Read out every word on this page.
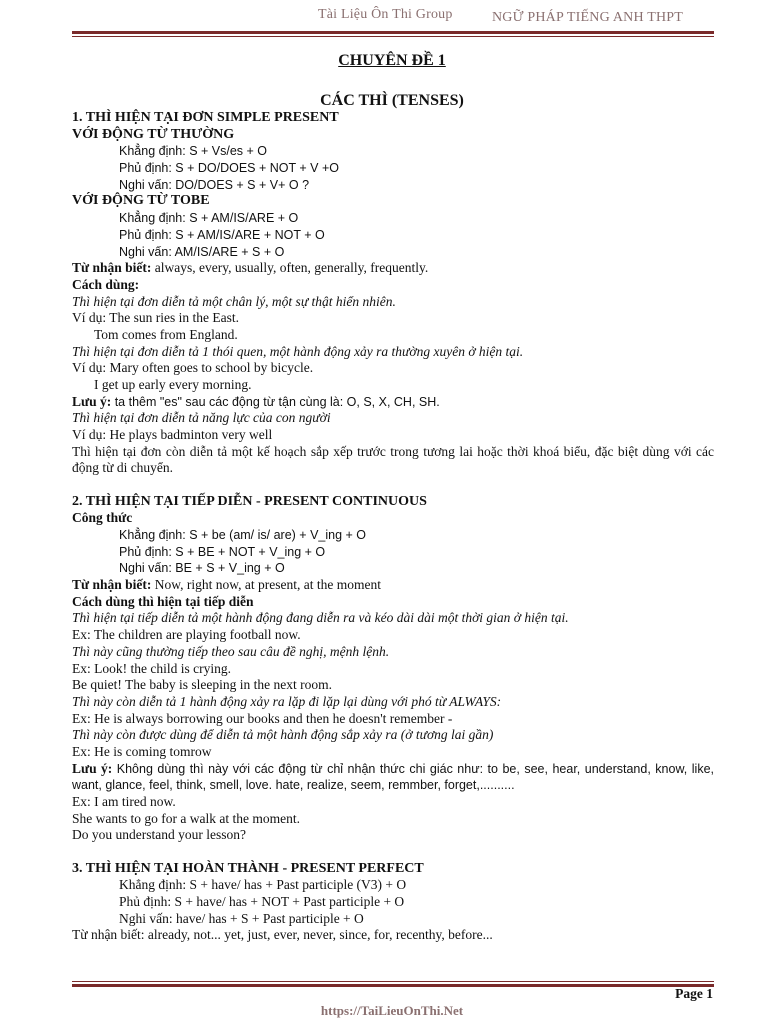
Tài Liệu Ôn Thi Group	NGỮ PHÁP TIẾNG ANH THPT
CHUYÊN ĐỀ 1
CÁC THÌ (TENSES)
1. THÌ HIỆN TẠI ĐƠN SIMPLE PRESENT
VỚI ĐỘNG TỪ THƯỜNG
Khẳng định: S + Vs/es + O
Phủ định: S + DO/DOES + NOT + V +O
Nghi vấn: DO/DOES + S + V+ O ?
VỚI ĐỘNG TỪ TOBE
Khẳng định: S + AM/IS/ARE + O
Phủ định: S + AM/IS/ARE + NOT + O
Nghi vấn: AM/IS/ARE + S + O
Từ nhận biết: always, every, usually, often, generally, frequently.
Cách dùng:
Thì hiện tại đơn diễn tả một chân lý, một sự thật hiển nhiên.
Ví dụ: The sun ries in the East.
Tom comes from England.
Thì hiện tại đơn diễn tả 1 thói quen, một hành động xảy ra thường xuyên ở hiện tại.
Ví dụ: Mary often goes to school by bicycle.
I get up early every morning.
Lưu ý: ta thêm "es" sau các động từ tận cùng là: O, S, X, CH, SH.
Thì hiện tại đơn diễn tả năng lực của con người
Ví dụ: He plays badminton very well
Thì hiện tại đơn còn diễn tả một kế hoạch sắp xếp trước trong tương lai hoặc thời khoá biểu, đặc biệt dùng với các động từ di chuyển.
2. THÌ HIỆN TẠI TIẾP DIỄN - PRESENT CONTINUOUS
Công thức
Khẳng định: S + be (am/ is/ are) + V_ing + O
Phủ định: S + BE + NOT + V_ing + O
Nghi vấn: BE + S + V_ing + O
Từ nhận biết: Now, right now, at present, at the moment
Cách dùng thì hiện tại tiếp diễn
Thì hiện tại tiếp diễn tả một hành động đang diễn ra và kéo dài dài một thời gian ở hiện tại.
Ex: The children are playing football now.
Thì này cũng thường tiếp theo sau câu đề nghị, mệnh lệnh.
Ex: Look! the child is crying.
Be quiet! The baby is sleeping in the next room.
Thì này còn diễn tả 1 hành động xảy ra lặp đi lặp lại dùng với phó từ ALWAYS:
Ex: He is always borrowing our books and then he doesn't remember -
Thì này còn được dùng để diễn tả một hành động sắp xảy ra (ở tương lai gần)
Ex: He is coming tomrow
Lưu ý: Không dùng thì này với các động từ chỉ nhận thức chi giác như: to be, see, hear, understand, know, like, want, glance, feel, think, smell, love. hate, realize, seem, remmber, forget,..........
Ex: I am tired now.
She wants to go for a walk at the moment.
Do you understand your lesson?
3. THÌ HIỆN TẠI HOÀN THÀNH - PRESENT PERFECT
Khẳng định: S + have/ has + Past participle (V3) + O
Phủ định: S + have/ has + NOT + Past participle + O
Nghi vấn: have/ has + S + Past participle + O
Từ nhận biết: already, not... yet, just, ever, never, since, for, recenthy, before...
Page 1
https://TaiLieuOnThi.Net
